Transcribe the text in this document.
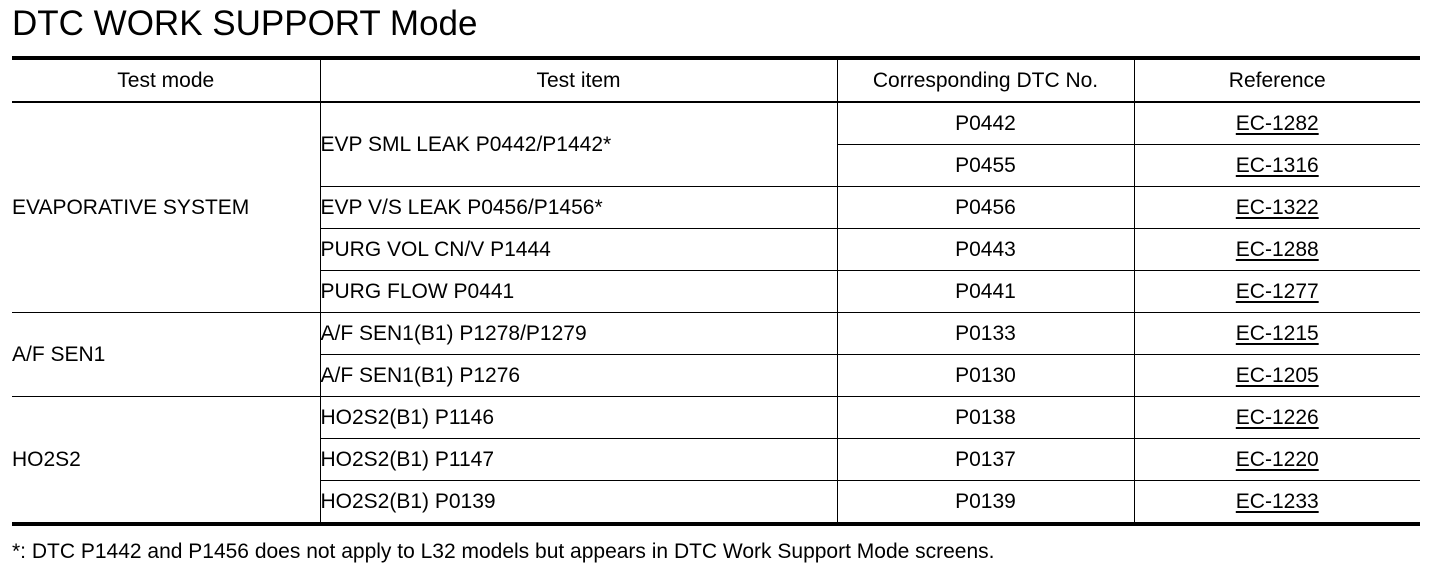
DTC WORK SUPPORT Mode
Test mode	Test item	Corresponding DTC No.	Reference
EVAPORATIVE SYSTEM	EVP SML LEAK P0442/P1442*	P0442	EC-1282
		P0455	EC-1316
	EVP V/S LEAK P0456/P1456*	P0456	EC-1322
	PURG VOL CN/V P1444	P0443	EC-1288
	PURG FLOW P0441	P0441	EC-1277
A/F SEN1	A/F SEN1(B1) P1278/P1279	P0133	EC-1215
	A/F SEN1(B1) P1276	P0130	EC-1205
HO2S2	HO2S2(B1) P1146	P0138	EC-1226
	HO2S2(B1) P1147	P0137	EC-1220
	HO2S2(B1) P0139	P0139	EC-1233
*: DTC P1442 and P1456 does not apply to L32 models but appears in DTC Work Support Mode screens.
